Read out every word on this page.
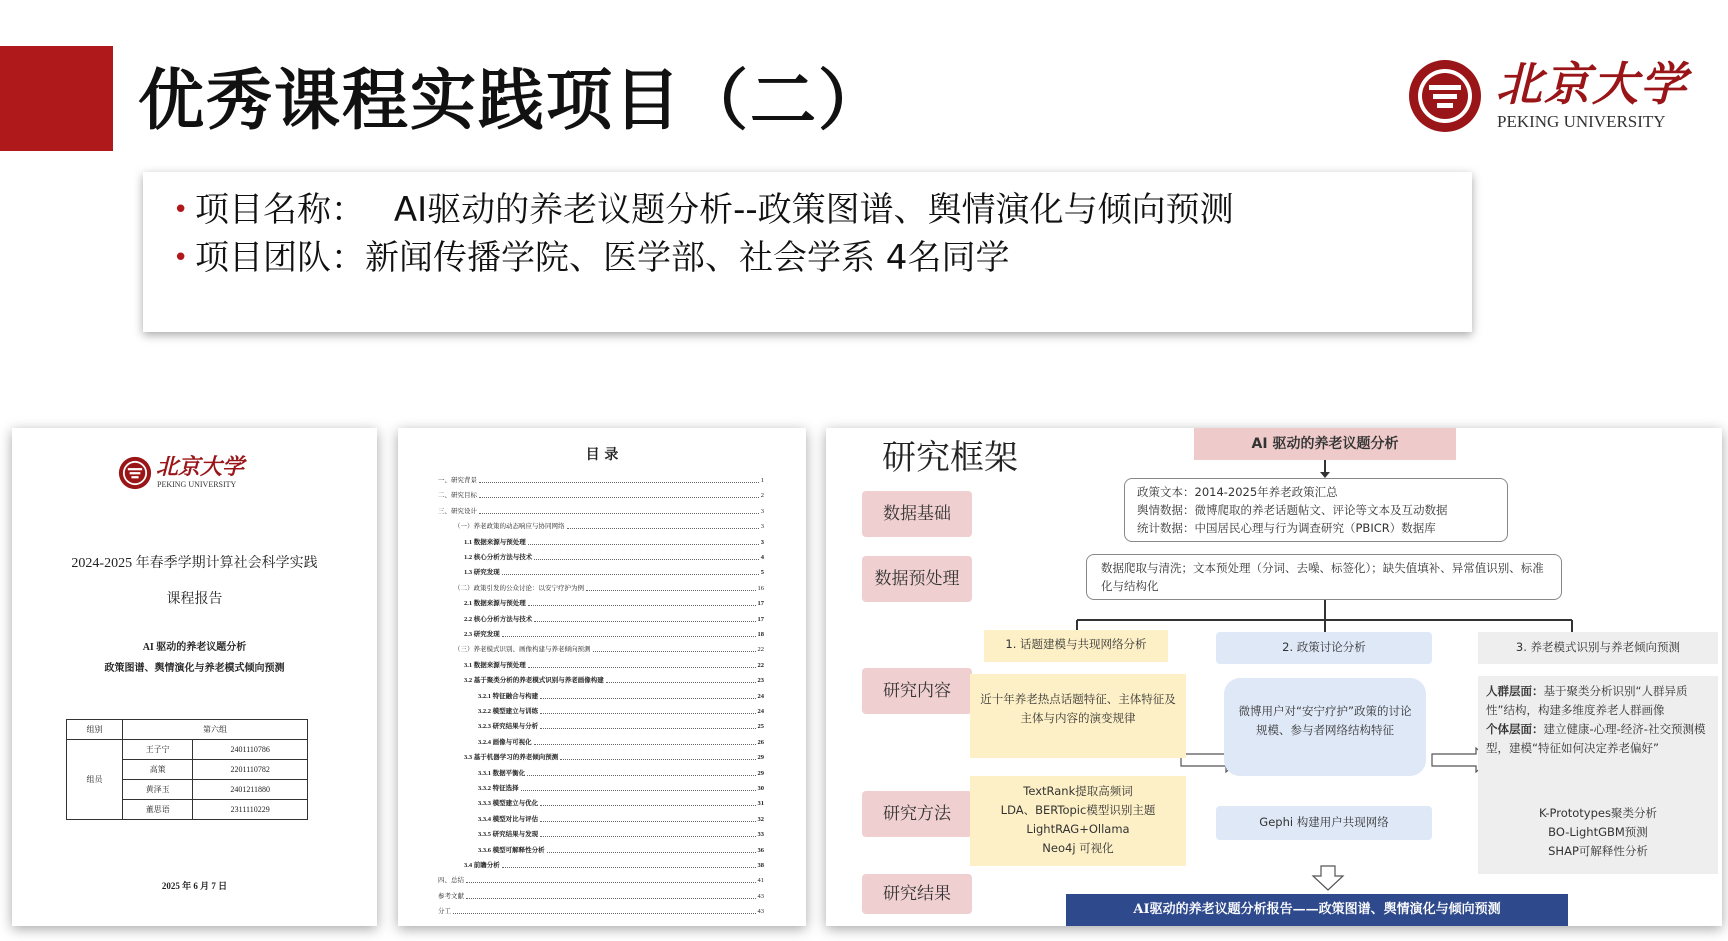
优秀课程实践项目（二）	北京大学
PEKING UNIVERSITY
• 项目名称： AI驱动的养老议题分析--政策图谱、舆情演化与倾向预测
• 项目团队：新闻传播学院、医学部、社会学系 4名同学
北京大学
PEKING UNIVERSITY
2024-2025 年春季学期计算社会科学实践
课程报告
AI 驱动的养老议题分析
政策图谱、舆情演化与养老模式倾向预测
组别	第六组	
组员	王子宁	2401110786
	高策	2201110782
	黄泽玉	2401211880
	董思语	2311110229
2025 年 6 月 7 日
目 录
一、研究背景	1
二、研究目标	2
三、研究设计	3
（一）养老政策的动态响应与协同网络	3
1.1 数据来源与预处理	3
1.2 核心分析方法与技术	4
1.3 研究发现	5
（二）政策引发的公众讨论：以安宁疗护为例	16
2.1 数据来源与预处理	17
2.2 核心分析方法与技术	17
2.3 研究发现	18
（三）养老模式识别、画像构建与养老倾向预测	22
3.1 数据来源与预处理	22
3.2 基于聚类分析的养老模式识别与养老画像构建	23
3.2.1 特征融合与构建	24
3.2.2 模型建立与训练	24
3.2.3 研究结果与分析	25
3.2.4 画像与可视化	26
3.3 基于机器学习的养老倾向预测	29
3.3.1 数据平衡化	29
3.3.2 特征选择	30
3.3.3 模型建立与优化	31
3.3.4 模型对比与评估	32
3.3.5 研究结果与发现	33
3.3.6 模型可解释性分析	36
3.4 前瞻分析	38
四、总结	41
参考文献	43
分工	43
研究框架	AI 驱动的养老议题分析
数据基础
数据预处理
研究内容
研究方法
研究结果
政策文本：2014-2025年养老政策汇总
舆情数据：微博爬取的养老话题帖文、评论等文本及互动数据
统计数据：中国居民心理与行为调查研究（PBICR）数据库
数据爬取与清洗；文本预处理（分词、去噪、标签化）；缺失值填补、异常值识别、标准化与结构化
1. 话题建模与共现网络分析
近十年养老热点话题特征、主体特征及主体与内容的演变规律
TextRank提取高频词
LDA、BERTopic模型识别主题
LightRAG+Ollama
Neo4j 可视化
2. 政策讨论分析
微博用户对“安宁疗护”政策的讨论规模、参与者网络结构特征
Gephi 构建用户共现网络
3. 养老模式识别与养老倾向预测
人群层面：基于聚类分析识别“人群异质性”结构，构建多维度养老人群画像
个体层面：建立健康-心理-经济-社交预测模型，建模“特征如何决定养老偏好”
K-Prototypes聚类分析
BO-LightGBM预测
SHAP可解释性分析
AI驱动的养老议题分析报告——政策图谱、舆情演化与倾向预测
